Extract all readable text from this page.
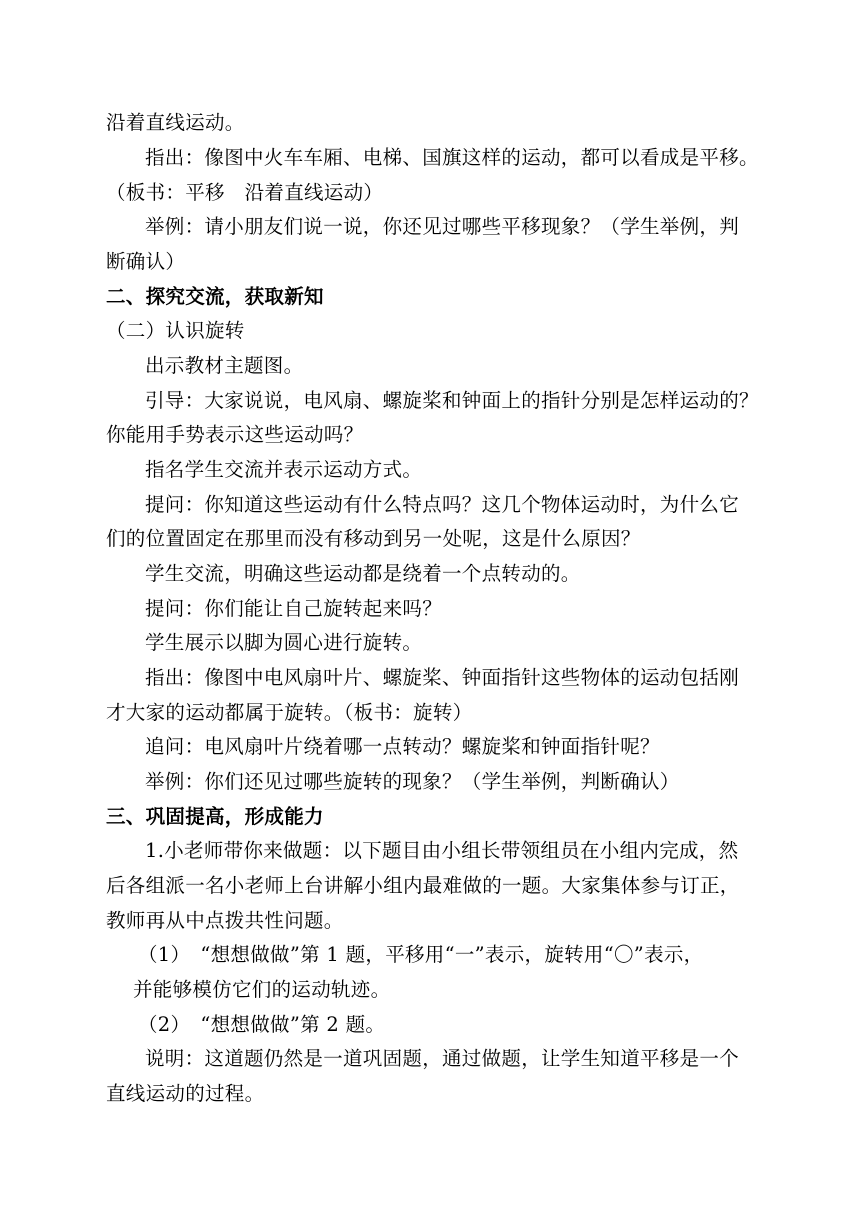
沿着直线运动。
指出：像图中火车车厢、电梯、国旗这样的运动，都可以看成是平移。
（板书：平移　沿着直线运动）
举例：请小朋友们说一说，你还见过哪些平移现象？（学生举例，判
断确认）
二、探究交流，获取新知
（二）认识旋转
出示教材主题图。
引导：大家说说，电风扇、螺旋桨和钟面上的指针分别是怎样运动的？
你能用手势表示这些运动吗？
指名学生交流并表示运动方式。
提问：你知道这些运动有什么特点吗？这几个物体运动时，为什么它
们的位置固定在那里而没有移动到另一处呢，这是什么原因？
学生交流，明确这些运动都是绕着一个点转动的。
提问：你们能让自己旋转起来吗？
学生展示以脚为圆心进行旋转。
指出：像图中电风扇叶片、螺旋桨、钟面指针这些物体的运动包括刚
才大家的运动都属于旋转。（板书：旋转）
追问：电风扇叶片绕着哪一点转动？螺旋桨和钟面指针呢？
举例：你们还见过哪些旋转的现象？（学生举例，判断确认）
三、巩固提高，形成能力
1.小老师带你来做题：以下题目由小组长带领组员在小组内完成，然
后各组派一名小老师上台讲解小组内最难做的一题。大家集体参与订正，
教师再从中点拨共性问题。
（1）　“想想做做”第 1 题，平移用“一”表示，旋转用“〇”表示，
并能够模仿它们的运动轨迹。
（2）　“想想做做”第 2 题。
说明：这道题仍然是一道巩固题，通过做题，让学生知道平移是一个
直线运动的过程。
